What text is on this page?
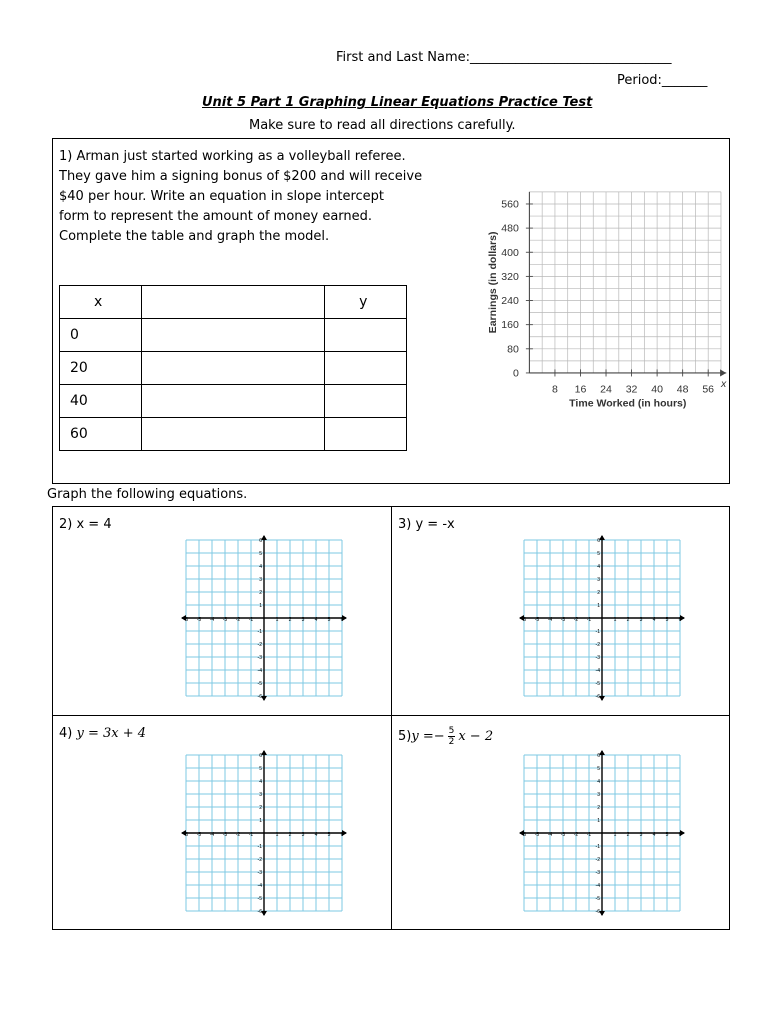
First and Last Name:_______________________________
Period:_______
Unit 5 Part 1 Graphing Linear Equations Practice Test
Make sure to read all directions carefully.
1) Arman just started working as a volleyball referee.
They gave him a signing bonus of $200 and will receive
$40 per hour. Write an equation in slope intercept
form to represent the amount of money earned.
Complete the table and graph the model.
x		y
0		
20		
40		
60		
8 16 24 32 40 48 56
0
80
160
240
320
400
480
560
Time Worked (in hours)
x
Earnings (in dollars)
Graph the following equations.
2) x = 4
-6 -5 -4 -3 -2 -1	1 2 3 4 5 6
6
5
4
3
2
1
-1
-2
-3
-4
-5
-6
3) y = -x
-6 -5 -4 -3 -2 -1	1 2 3 4 5 6
6
5
4
3
2
1
-1
-2
-3
-4
-5
-6
4) y = 3x + 4
-6 -5 -4 -3 -2 -1	1 2 3 4 5 6
6
5
4
3
2
1
-1
-2
-3
-4
-5
-6
5) $y =- \frac{5}{2}$ x − 2
-6 -5 -4 -3 -2 -1	1 2 3 4 5 6
6
5
4
3
2
1
-1
-2
-3
-4
-5
-6
